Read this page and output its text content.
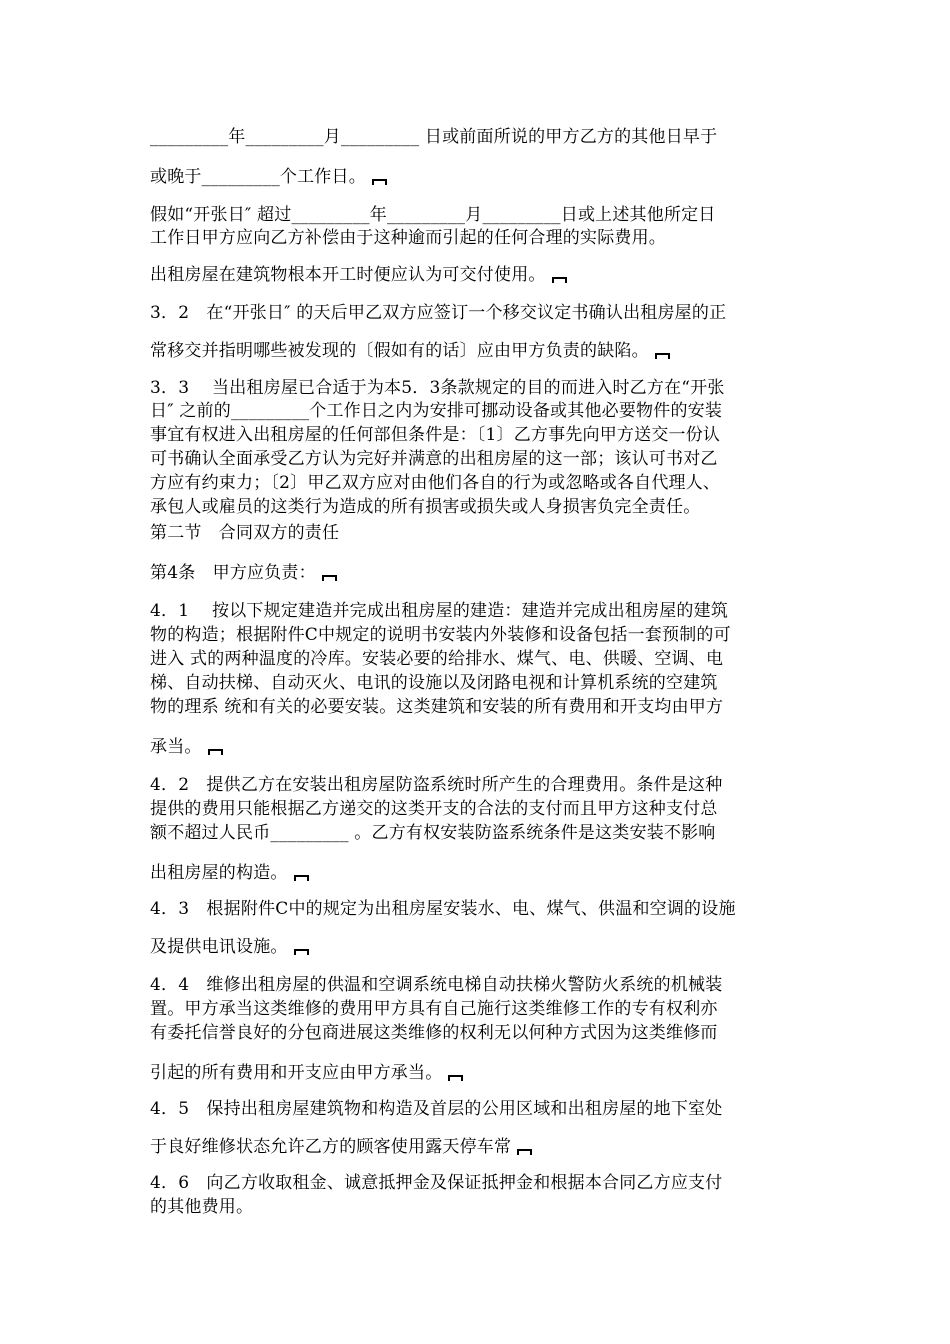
_________年_________月_________ 日或前面所说的甲方乙方的其他日早于
或晚于_________个工作日。
假如“开张日″ 超过_________年_________月_________日或上述其他所定日
工作日甲方应向乙方补偿由于这种逾而引起的任何合理的实际费用。
出租房屋在建筑物根本开工时便应认为可交付使用。
3．2　在“开张日″ 的天后甲乙双方应签订一个移交议定书确认出租房屋的正
常移交并指明哪些被发现的〔假如有的话〕应由甲方负责的缺陷。
3．3　 当出租房屋已合适于为本5．3条款规定的目的而进入时乙方在“开张
日″ 之前的_________个工作日之内为安排可挪动设备或其他必要物件的安装
事宜有权进入出租房屋的任何部但条件是：〔1〕乙方事先向甲方送交一份认
可书确认全面承受乙方认为完好并满意的出租房屋的这一部；该认可书对乙
方应有约束力；〔2〕甲乙双方应对由他们各自的行为或忽略或各自代理人、
承包人或雇员的这类行为造成的所有损害或损失或人身损害负完全责任。
第二节　合同双方的责任
第4条　甲方应负责：
4．1　 按以下规定建造并完成出租房屋的建造：建造并完成出租房屋的建筑
物的构造；根据附件C中规定的说明书安装内外装修和设备包括一套预制的可
进入 式的两种温度的冷库。安装必要的给排水、煤气、电、供暖、空调、电
梯、自动扶梯、自动灭火、电讯的设施以及闭路电视和计算机系统的空建筑
物的理系 统和有关的必要安装。这类建筑和安装的所有费用和开支均由甲方
承当。
4．2　提供乙方在安装出租房屋防盗系统时所产生的合理费用。条件是这种
提供的费用只能根据乙方递交的这类开支的合法的支付而且甲方这种支付总
额不超过人民币_________ 。乙方有权安装防盗系统条件是这类安装不影响
出租房屋的构造。
4．3　根据附件C中的规定为出租房屋安装水、电、煤气、供温和空调的设施
及提供电讯设施。
4．4　维修出租房屋的供温和空调系统电梯自动扶梯火警防火系统的机械装
置。甲方承当这类维修的费用甲方具有自己施行这类维修工作的专有权利亦
有委托信誉良好的分包商进展这类维修的权利无以何种方式因为这类维修而
引起的所有费用和开支应由甲方承当。
4．5　保持出租房屋建筑物和构造及首层的公用区域和出租房屋的地下室处
于良好维修状态允许乙方的顾客使用露天停车常
4．6　向乙方收取租金、诚意抵押金及保证抵押金和根据本合同乙方应支付
的其他费用。
